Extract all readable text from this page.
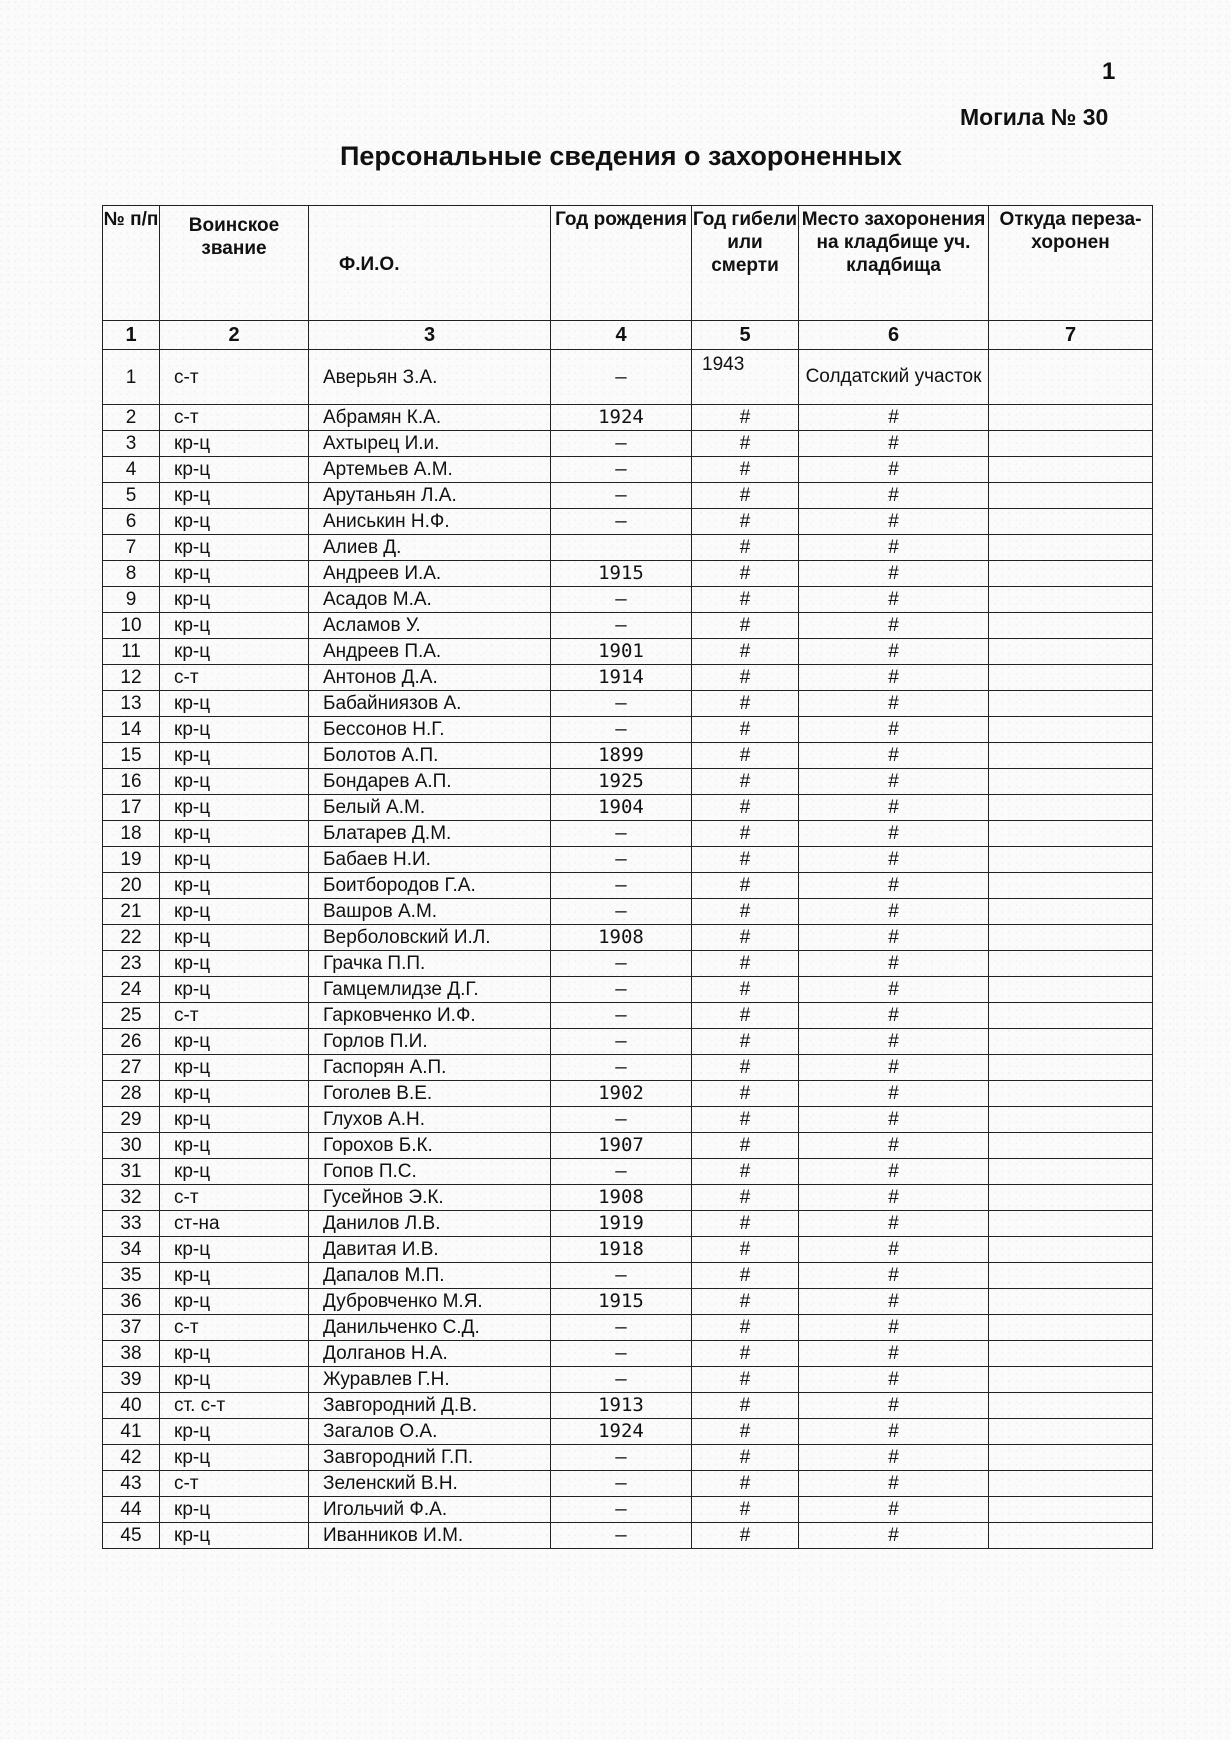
1
Могила № 30
Персональные сведения о захороненных
№ п/п	Воинское звание	Ф.И.О.	Год рождения	Год гибели или смерти	Место захоронения на кладбище уч. кладбища	Откуда переза-хоронен
1	2	3	4	5	6	7
1	с-т	Аверьян З.А.	–	1943	Солдатский участок	
2	с-т	Абрамян К.А.	1924	#	#	
3	кр-ц	Ахтырец И.и.	–	#	#	
4	кр-ц	Артемьев А.М.	–	#	#	
5	кр-ц	Арутаньян Л.А.	–	#	#	
6	кр-ц	Аниськин Н.Ф.	–	#	#	
7	кр-ц	Алиев Д.		#	#	
8	кр-ц	Андреев И.А.	1915	#	#	
9	кр-ц	Асадов М.А.	–	#	#	
10	кр-ц	Асламов У.	–	#	#	
11	кр-ц	Андреев П.А.	1901	#	#	
12	с-т	Антонов Д.А.	1914	#	#	
13	кр-ц	Бабайниязов А.	–	#	#	
14	кр-ц	Бессонов Н.Г.	–	#	#	
15	кр-ц	Болотов А.П.	1899	#	#	
16	кр-ц	Бондарев А.П.	1925	#	#	
17	кр-ц	Белый А.М.	1904	#	#	
18	кр-ц	Блатарев Д.М.	–	#	#	
19	кр-ц	Бабаев Н.И.	–	#	#	
20	кр-ц	Боитбородов Г.А.	–	#	#	
21	кр-ц	Вашров А.М.	–	#	#	
22	кр-ц	Верболовский И.Л.	1908	#	#	
23	кр-ц	Грачка П.П.	–	#	#	
24	кр-ц	Гамцемлидзе Д.Г.	–	#	#	
25	с-т	Гарковченко И.Ф.	–	#	#	
26	кр-ц	Горлов П.И.	–	#	#	
27	кр-ц	Гаспорян А.П.	–	#	#	
28	кр-ц	Гоголев В.Е.	1902	#	#	
29	кр-ц	Глухов А.Н.	–	#	#	
30	кр-ц	Горохов Б.К.	1907	#	#	
31	кр-ц	Гопов П.С.	–	#	#	
32	с-т	Гусейнов Э.К.	1908	#	#	
33	ст-на	Данилов Л.В.	1919	#	#	
34	кр-ц	Давитая И.В.	1918	#	#	
35	кр-ц	Дапалов М.П.	–	#	#	
36	кр-ц	Дубровченко М.Я.	1915	#	#	
37	с-т	Данильченко С.Д.	–	#	#	
38	кр-ц	Долганов Н.А.	–	#	#	
39	кр-ц	Журавлев Г.Н.	–	#	#	
40	ст. с-т	Завгородний Д.В.	1913	#	#	
41	кр-ц	Загалов О.А.	1924	#	#	
42	кр-ц	Завгородний Г.П.	–	#	#	
43	с-т	Зеленский В.Н.	–	#	#	
44	кр-ц	Игольчий Ф.А.	–	#	#	
45	кр-ц	Иванников И.М.	–	#	#	
